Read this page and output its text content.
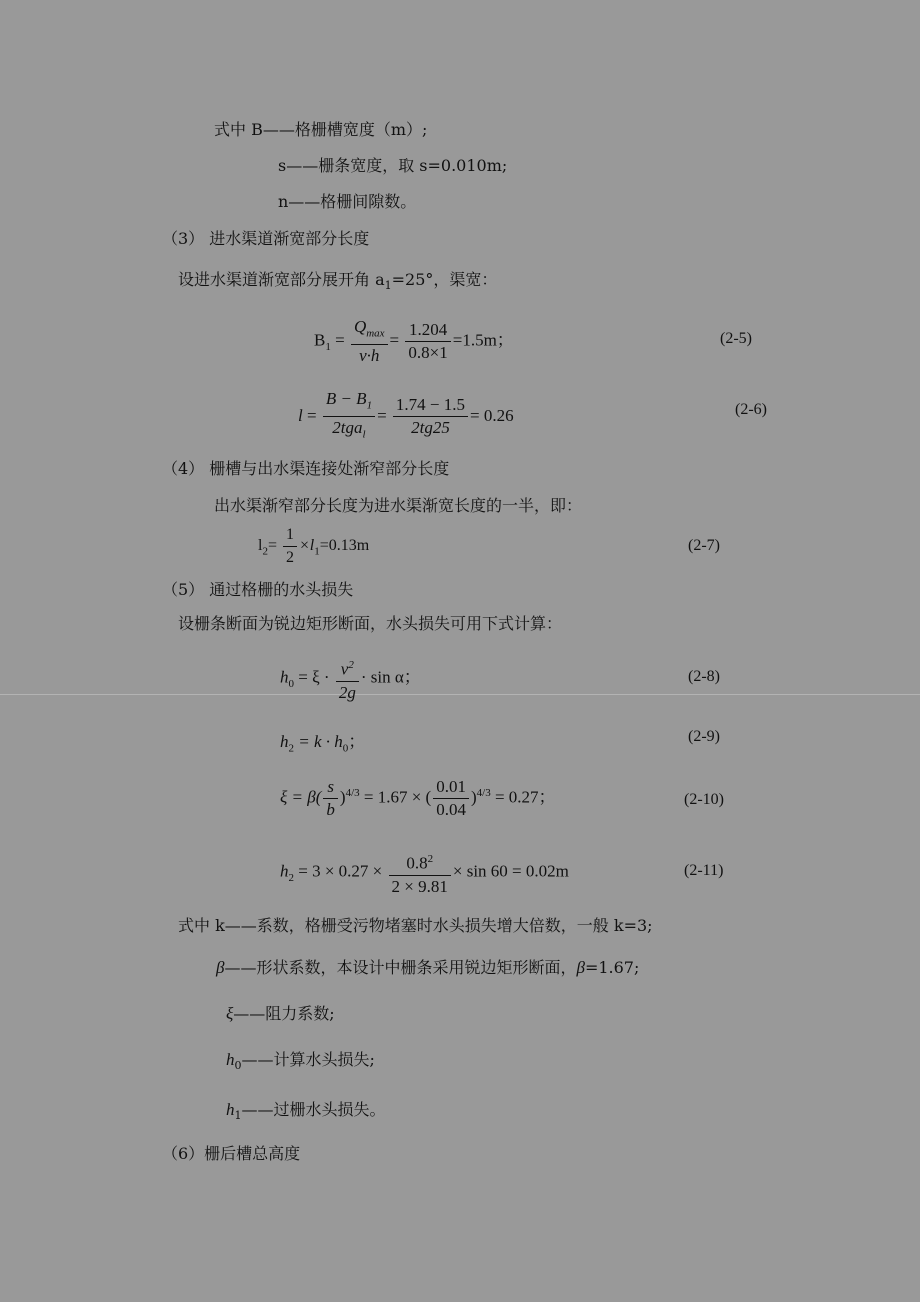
式中 B——格栅槽宽度（m）;
s——栅条宽度，取 s=0.010m;
n——格栅间隙数。
（3） 进水渠道渐宽部分长度
设进水渠道渐宽部分展开角 $a_1=25^\circ$，渠宽：
$B_1 = \frac{Q_{max}}{v\cdot h} = \frac{1.204}{0.8\times 1} =1.5m$；	(2-5)
$l = \frac{B - B_1}{2tga_l} = \frac{1.74 - 1.5}{2tg25} = 0.26$	(2-6)
（4） 栅槽与出水渠连接处渐窄部分长度
出水渠渐窄部分长度为进水渠渐宽长度的一半，即：
$l_2= \frac{1}{2} \times l_1=0.13m$	(2-7)
（5） 通过格栅的水头损失
设栅条断面为锐边矩形断面，水头损失可用下式计算：
$h_0 = \xi \cdot \frac{v^2}{2g} \cdot \sin \alpha$；	(2-8)
$h_2 = k \cdot h_0$；	(2-9)
$\xi = \beta( \frac{s}{b} )^{4/3} = 1.67$ × ( $\frac{0.01}{0.04} )^{4/3} = 0.27$；	(2-10)
$h_2 = 3 \times 0.27 \times \frac{0.8^2}{2 \times 9.81} \times \sin 60 = 0.02m$	(2-11)
式中 k——系数，格栅受污物堵塞时水头损失增大倍数，一般 k=3;
β——形状系数，本设计中栅条采用锐边矩形断面，β=1.67;
ξ——阻力系数;
$h_0——$计算水头损失;
$h_1——$过栅水头损失。
（6）栅后槽总高度
